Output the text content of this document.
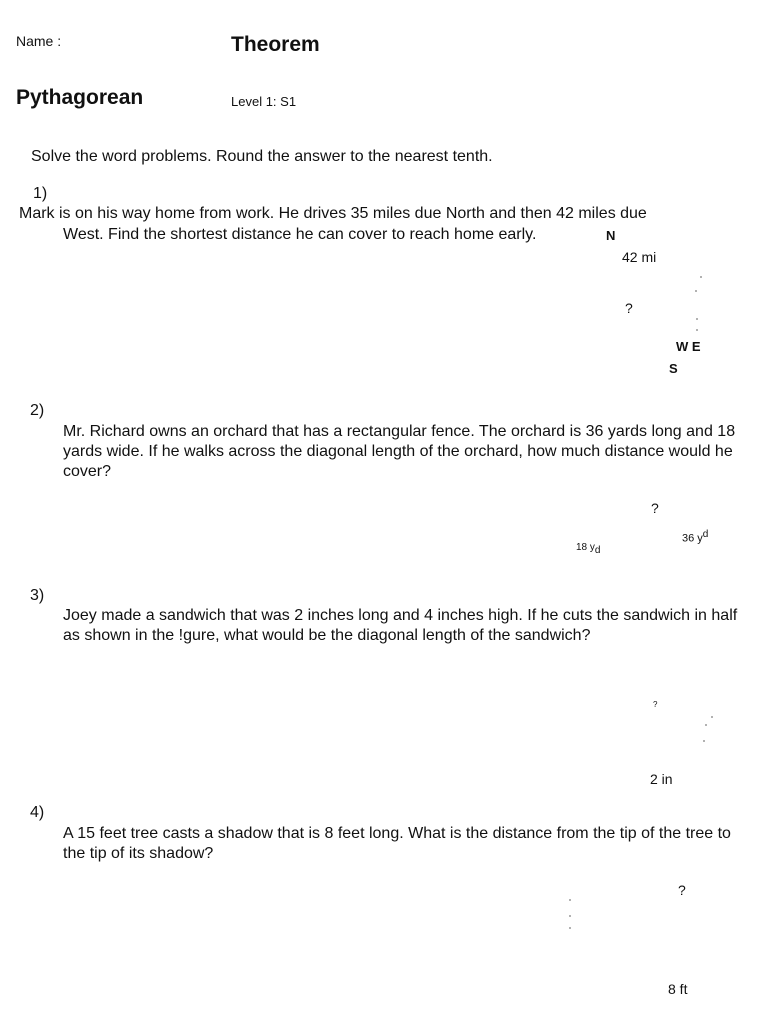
Name :	Theorem
Pythagorean	Level 1: S1
Solve the word problems. Round the answer to the nearest tenth.
1)
Mark is on his way home from work. He drives 35 miles due North and then 42 miles due
West. Find the shortest distance he can cover to reach home early.	N
42 mi
?
W E
S
2)
Mr. Richard owns an orchard that has a rectangular fence. The orchard is 36 yards long and 18 yards wide. If he walks across the diagonal length of the orchard, how much distance would he cover?
?
36 $y^d$
18 $y_d$
3)
Joey made a sandwich that was 2 inches long and 4 inches high. If he cuts the sandwich in half as shown in the !gure, what would be the diagonal length of the sandwich?
?
2 in
4)
A 15 feet tree casts a shadow that is 8 feet long. What is the distance from the tip of the tree to the tip of its shadow?
?
8 ft
